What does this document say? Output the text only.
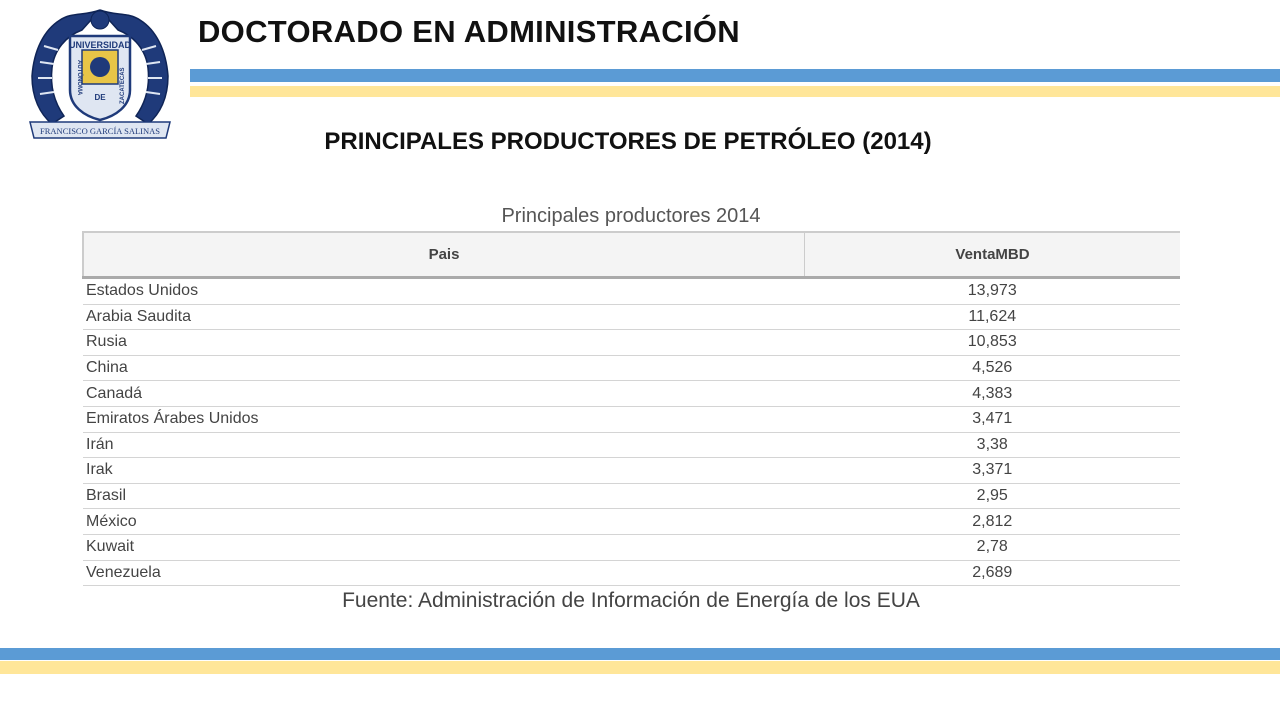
UNIVERSIDAD
DE
AUTÓNOMA	ZACATECAS
FRANCISCO GARCÍA SALINAS
DOCTORADO EN ADMINISTRACIÓN
PRINCIPALES PRODUCTORES DE PETRÓLEO (2014)
Principales productores 2014
Pais	VentaMBD
Estados Unidos	13,973
Arabia Saudita	11,624
Rusia	10,853
China	4,526
Canadá	4,383
Emiratos Árabes Unidos	3,471
Irán	3,38
Irak	3,371
Brasil	2,95
México	2,812
Kuwait	2,78
Venezuela	2,689
Fuente: Administración de Información de Energía de los EUA
